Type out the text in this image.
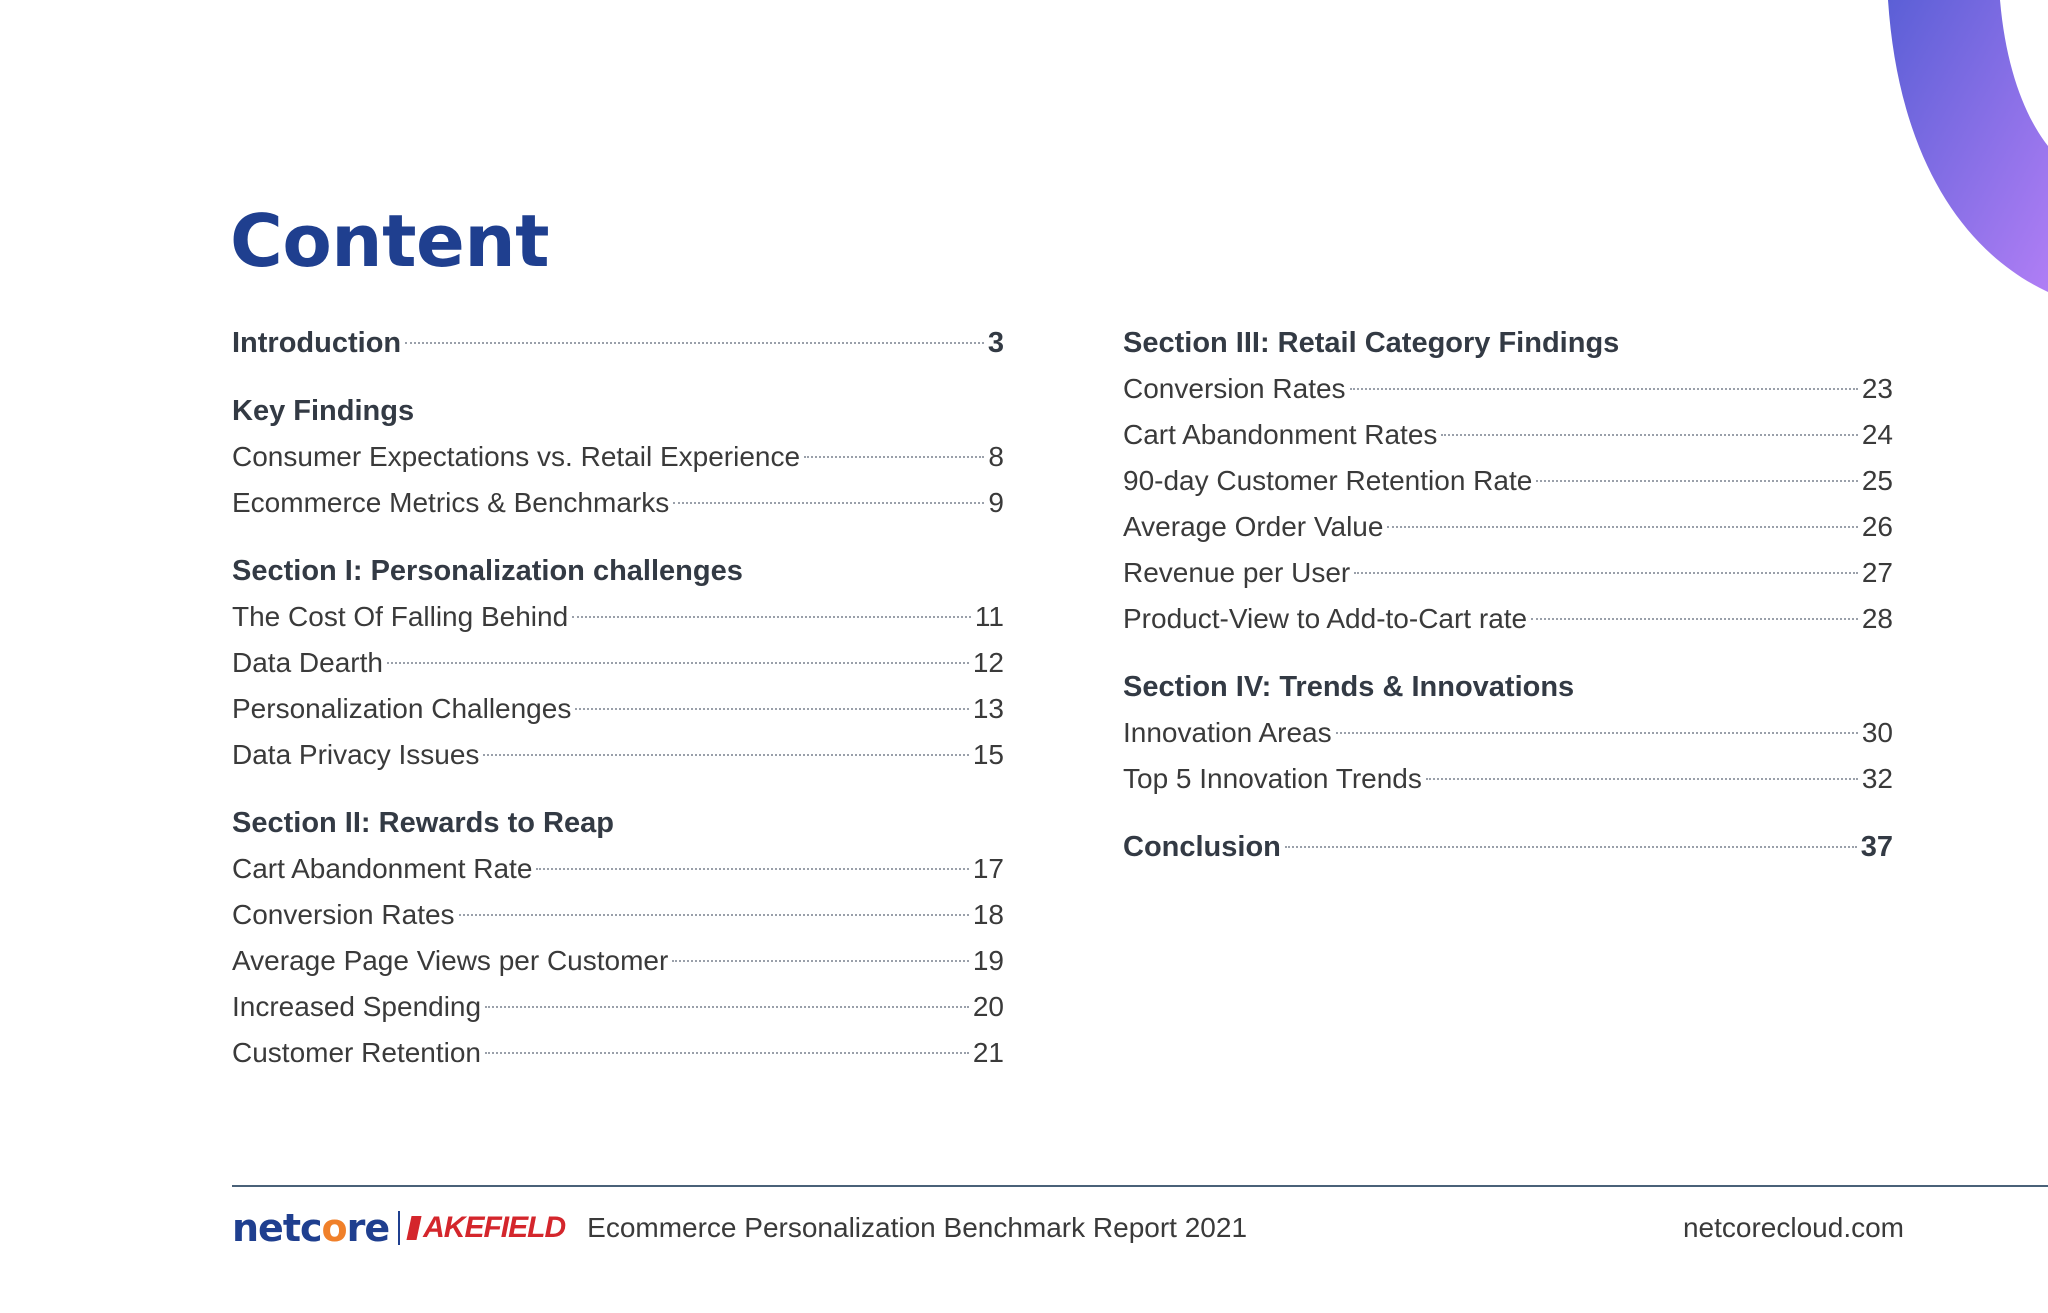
Content
Introduction	3
Key Findings
Consumer Expectations vs. Retail Experience	8
Ecommerce Metrics & Benchmarks	9
Section I: Personalization challenges
The Cost Of Falling Behind	11
Data Dearth	12
Personalization Challenges	13
Data Privacy Issues	15
Section II: Rewards to Reap
Cart Abandonment Rate	17
Conversion Rates	18
Average Page Views per Customer	19
Increased Spending	20
Customer Retention	21
Section III: Retail Category Findings
Conversion Rates	23
Cart Abandonment Rates	24
90-day Customer Retention Rate	25
Average Order Value	26
Revenue per User	27
Product-View to Add-to-Cart rate	28
Section IV: Trends & Innovations
Innovation Areas	30
Top 5 Innovation Trends	32
Conclusion	37
netc o re AKEFIELD Ecommerce Personalization Benchmark Report 2021	netcorecloud.com
